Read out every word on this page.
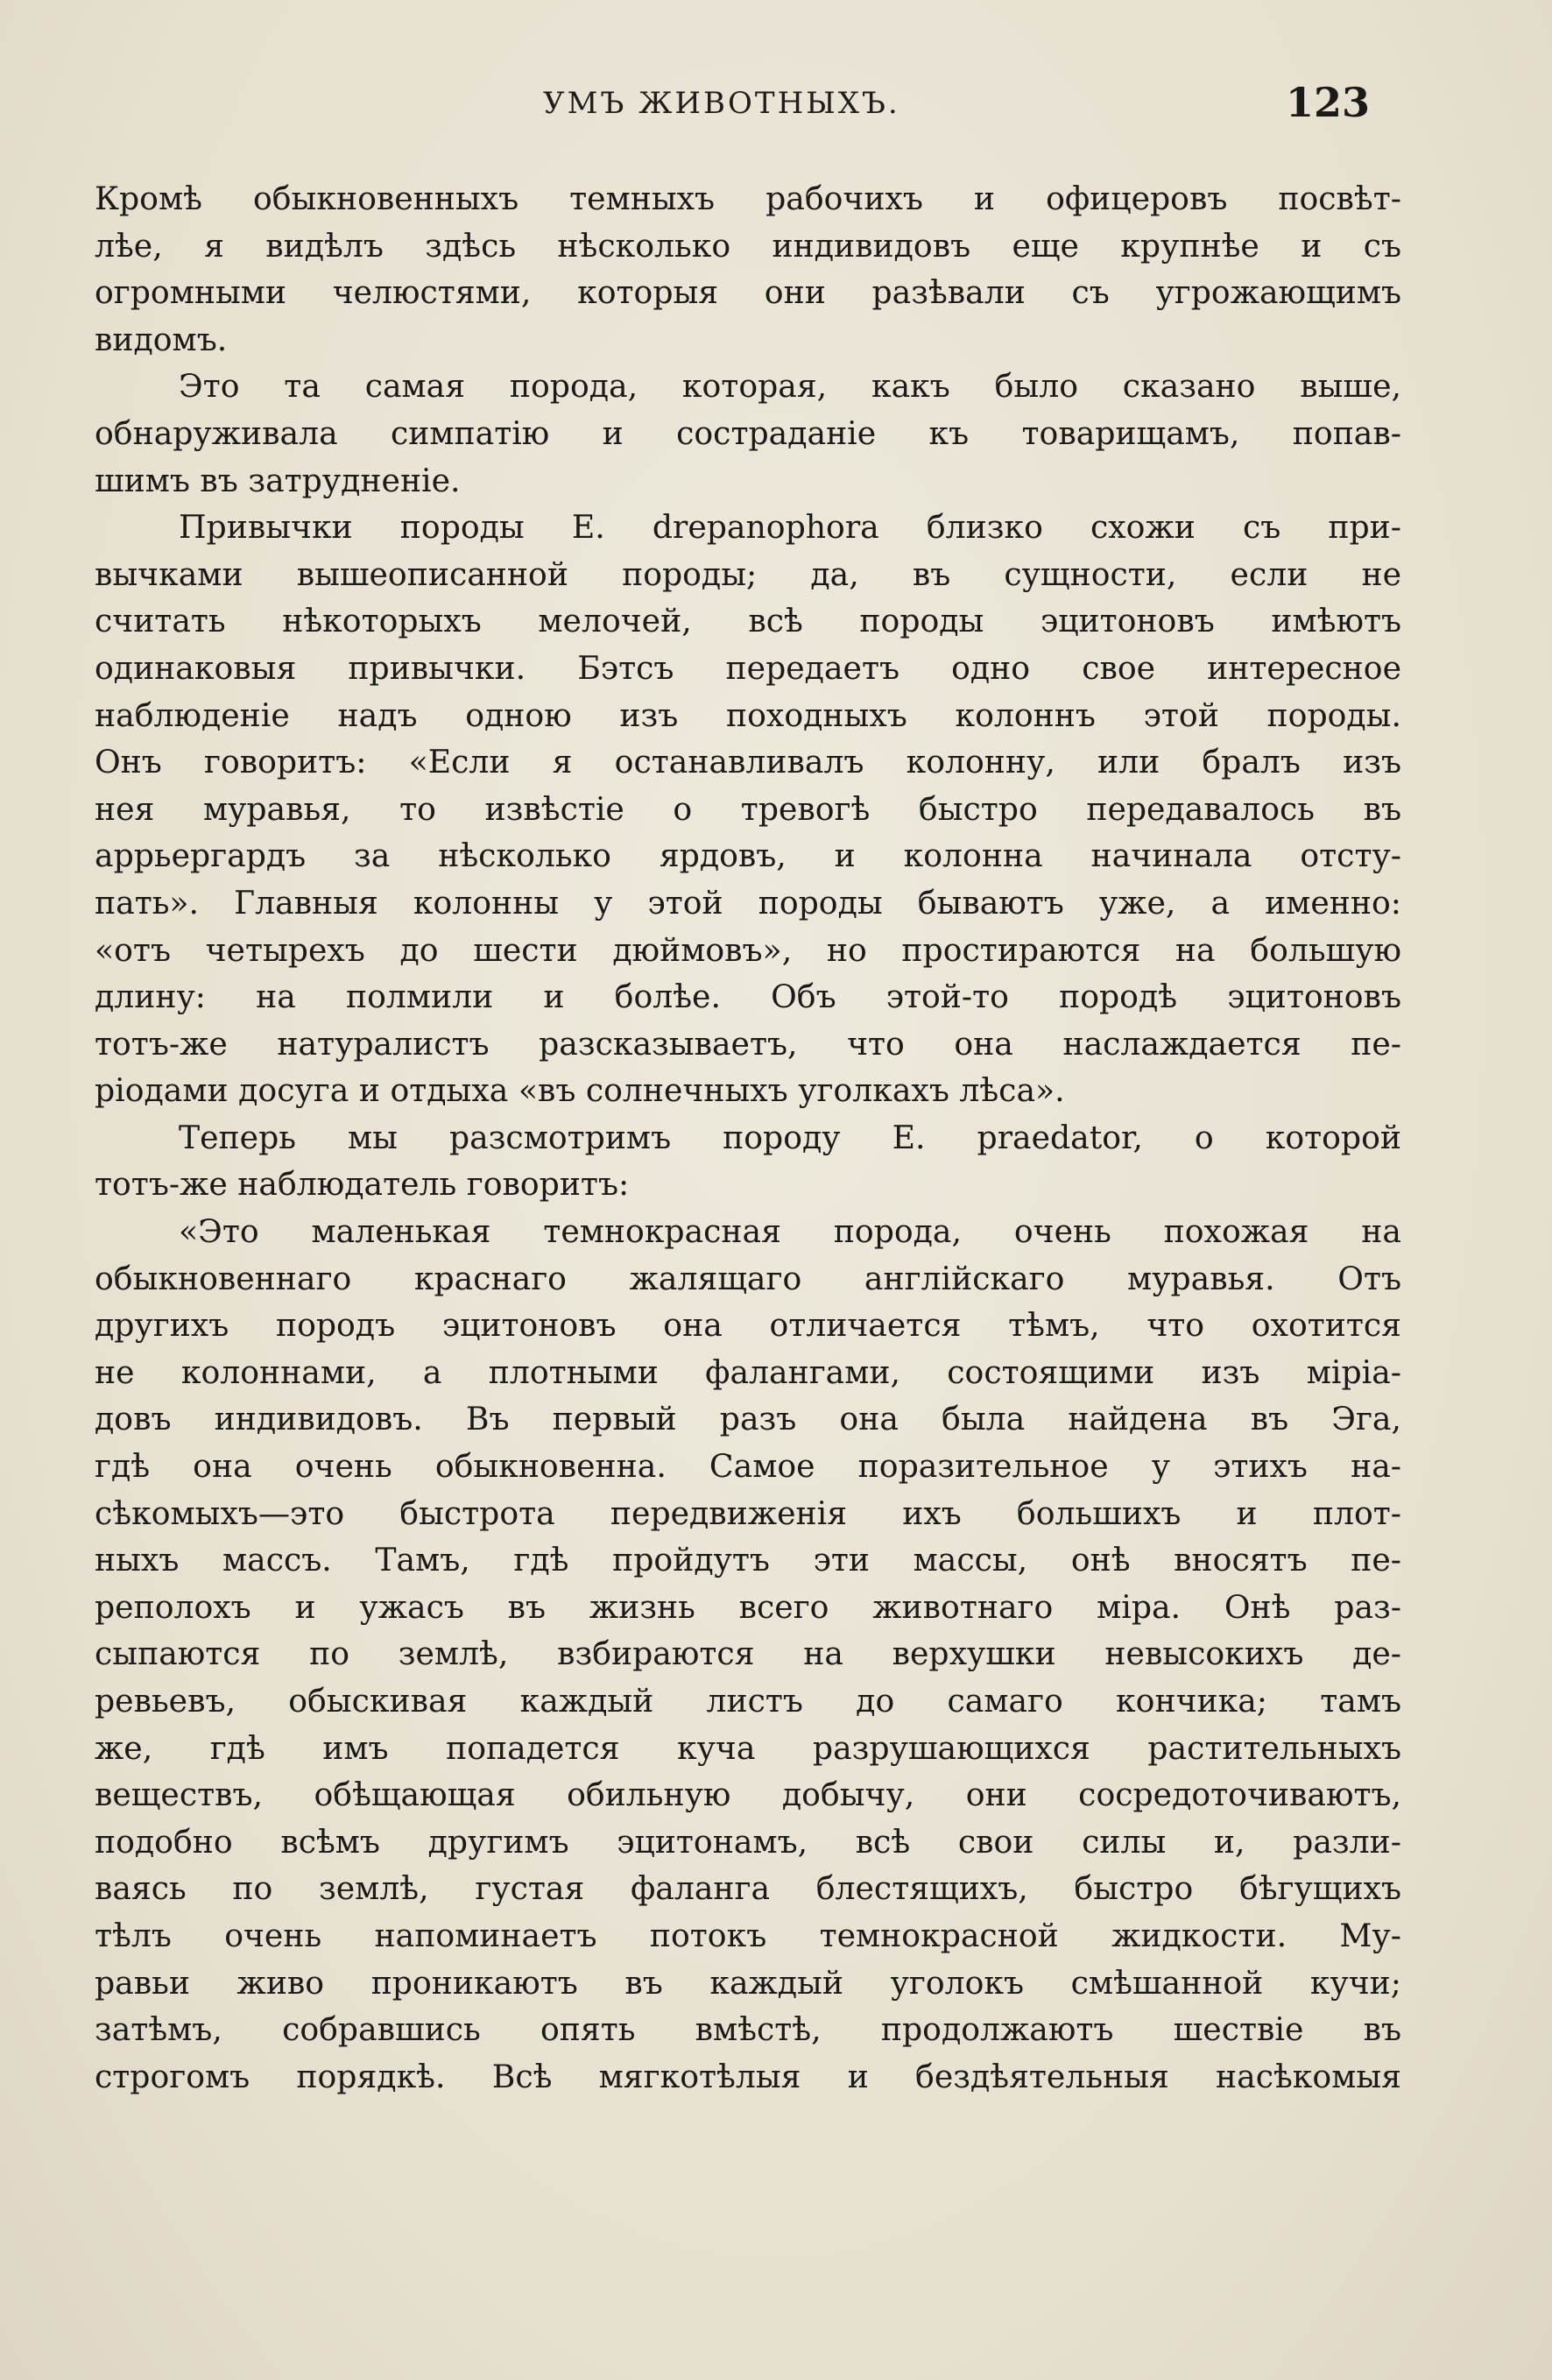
УМЪ ЖИВОТНЫХЪ.	123
Кромѣ обыкновенныхъ темныхъ рабочихъ и офицеровъ посвѣт-
лѣе, я видѣлъ здѣсь нѣсколько индивидовъ еще крупнѣе и съ
огромными челюстями, которыя они разѣвали съ угрожающимъ
видомъ.
Это та самая порода, которая, какъ было сказано выше,
обнаруживала симпатію и состраданіе къ товарищамъ, попав-
шимъ въ затрудненіе.
Привычки породы Е. drepanophora близко схожи съ при-
вычками вышеописанной породы; да, въ сущности, если не
считать нѣкоторыхъ мелочей, всѣ породы эцитоновъ имѣютъ
одинаковыя привычки. Бэтсъ передаетъ одно свое интересное
наблюденіе надъ одною изъ походныхъ колоннъ этой породы.
Онъ говоритъ: «Если я останавливалъ колонну, или бралъ изъ
нея муравья, то извѣстіе о тревогѣ быстро передавалось въ
аррьергардъ за нѣсколько ярдовъ, и колонна начинала отсту-
пать». Главныя колонны у этой породы бываютъ уже, а именно:
«отъ четырехъ до шести дюймовъ», но простираются на большую
длину: на полмили и болѣе. Объ этой-то породѣ эцитоновъ
тотъ-же натуралистъ разсказываетъ, что она наслаждается пе-
ріодами досуга и отдыха «въ солнечныхъ уголкахъ лѣса».
Теперь мы разсмотримъ породу Е. praedator, о которой
тотъ-же наблюдатель говоритъ:
«Это маленькая темнокрасная порода, очень похожая на
обыкновеннаго краснаго жалящаго англійскаго муравья. Отъ
другихъ породъ эцитоновъ она отличается тѣмъ, что охотится
не колоннами, а плотными фалангами, состоящими изъ міріа-
довъ индивидовъ. Въ первый разъ она была найдена въ Эга,
гдѣ она очень обыкновенна. Самое поразительное у этихъ на-
сѣкомыхъ—это быстрота передвиженія ихъ большихъ и плот-
ныхъ массъ. Тамъ, гдѣ пройдутъ эти массы, онѣ вносятъ пе-
реполохъ и ужасъ въ жизнь всего животнаго міра. Онѣ раз-
сыпаются по землѣ, взбираются на верхушки невысокихъ де-
ревьевъ, обыскивая каждый листъ до самаго кончика; тамъ
же, гдѣ имъ попадется куча разрушающихся растительныхъ
веществъ, обѣщающая обильную добычу, они сосредоточиваютъ,
подобно всѣмъ другимъ эцитонамъ, всѣ свои силы и, разли-
ваясь по землѣ, густая фаланга блестящихъ, быстро бѣгущихъ
тѣлъ очень напоминаетъ потокъ темнокрасной жидкости. Му-
равьи живо проникаютъ въ каждый уголокъ смѣшанной кучи;
затѣмъ, собравшись опять вмѣстѣ, продолжаютъ шествіе въ
строгомъ порядкѣ. Всѣ мягкотѣлыя и бездѣятельныя насѣкомыя
